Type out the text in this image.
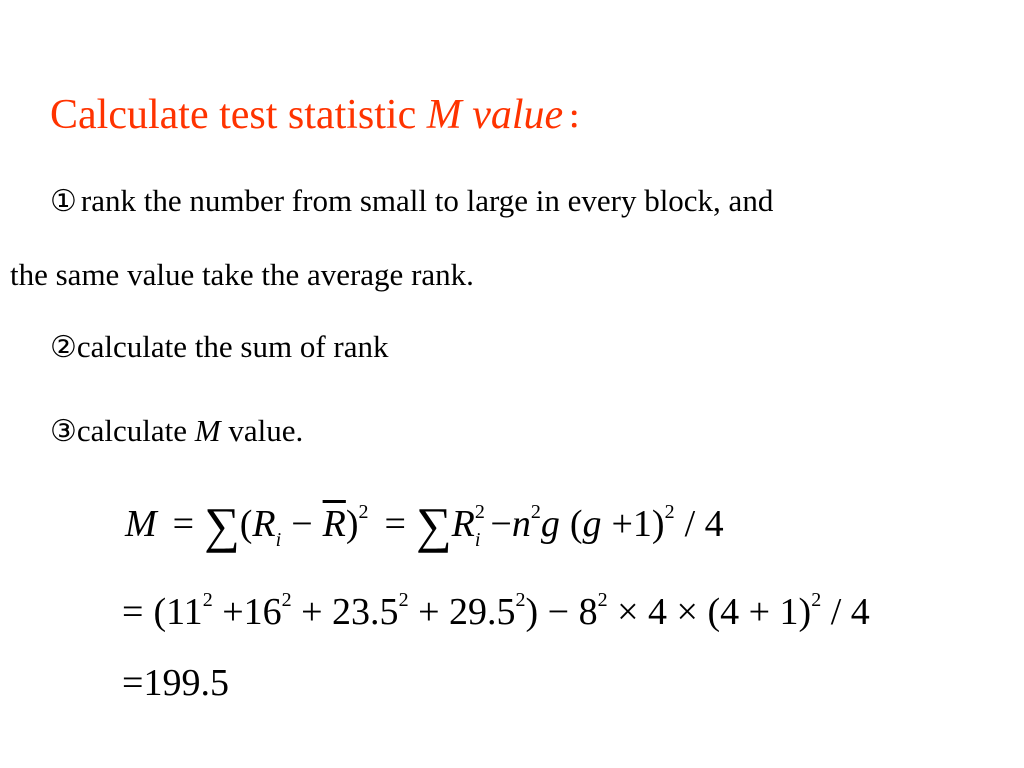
Calculate test statistic M value ：
① rank the number from small to large in every block, and
the same value take the average rank.
②calculate the sum of rank
③calculate M value.
$M = \sum(R_i - \overline{R})^2 = \sum R^2_i -n^2g$ $(g +1)^2 / 4$
= $(11^2 +16^2 + 23.5^2 + 29.5^2) - 8^2 \times 4 \times (4 + 1)^2 / 4$
=199.5
